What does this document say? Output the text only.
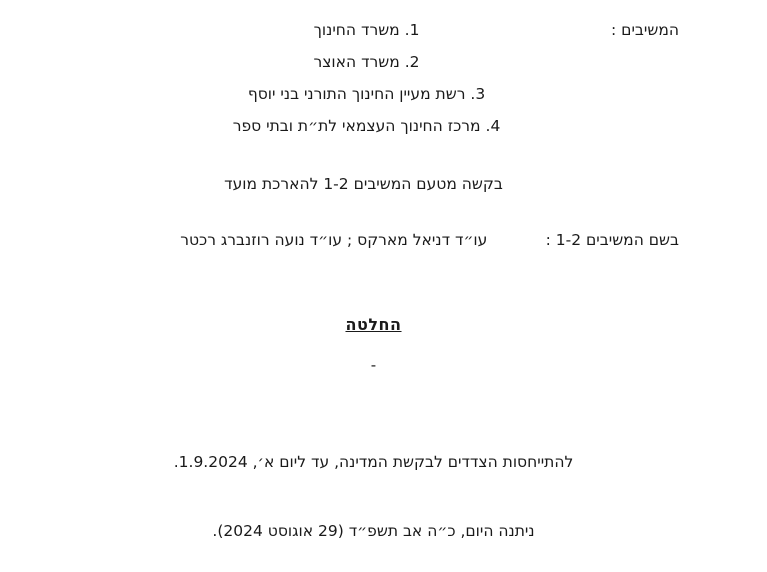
המשיבים :
1. משרד החינוך
2. משרד האוצר
3. רשת מעיין החינוך התורני בני יוסף
4. מרכז החינוך העצמאי לת״ת ובתי ספר
בקשה מטעם המשיבים 1-2 להארכת מועד
בשם המשיבים 1-2 :
עו״ד דניאל מארקס ; עו״ד נועה רוזנברג רכטר
החלטה
-
להתייחסות הצדדים לבקשת המדינה, עד ליום א׳, 1.9.2024.
ניתנה היום, כ״ה אב תשפ״ד (29 אוגוסט 2024).
